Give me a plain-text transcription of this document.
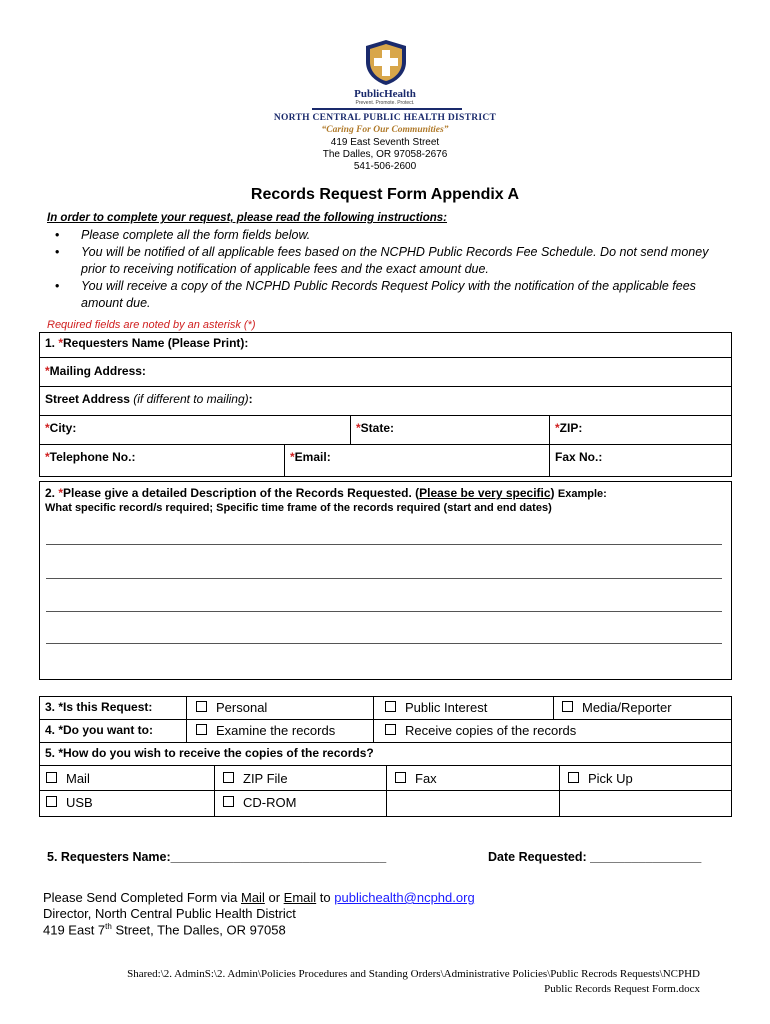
PublicHealth
Prevent. Promote. Protect.
NORTH CENTRAL PUBLIC HEALTH DISTRICT
“Caring For Our Communities”
419 East Seventh Street
The Dalles, OR 97058-2676
541-506-2600
Records Request Form Appendix A
In order to complete your request, please read the following instructions:
• Please complete all the form fields below.
• You will be notified of all applicable fees based on the NCPHD Public Records Fee Schedule. Do not send money prior to receiving notification of applicable fees and the exact amount due.
• You will receive a copy of the NCPHD Public Records Request Policy with the notification of the applicable fees amount due.
Required fields are noted by an asterisk (*)
1. *Requesters Name (Please Print):
*Mailing Address:
Street Address (if different to mailing):
*City:	*State:	*ZIP:
*Telephone No.:	*Email:	Fax No.:
2. *Please give a detailed Description of the Records Requested. (Please be very specific) Example:
What specific record/s required; Specific time frame of the records required (start and end dates)
3. *Is this Request:	Personal	Public Interest	Media/Reporter
4. *Do you want to:	Examine the records	Receive copies of the records
5. *How do you wish to receive the copies of the records?
Mail	ZIP File	Fax	Pick Up
USB	CD-ROM
5. Requesters Name:_______________________________	Date Requested: ________________
Please Send Completed Form via Mail or Email to publichealth@ncphd.org
Director, North Central Public Health District
419 East 7th Street, The Dalles, OR 97058
Shared:\2. AdminS:\2. Admin\Policies Procedures and Standing Orders\Administrative Policies\Public Recrods Requests\NCPHD
Public Records Request Form.docx
